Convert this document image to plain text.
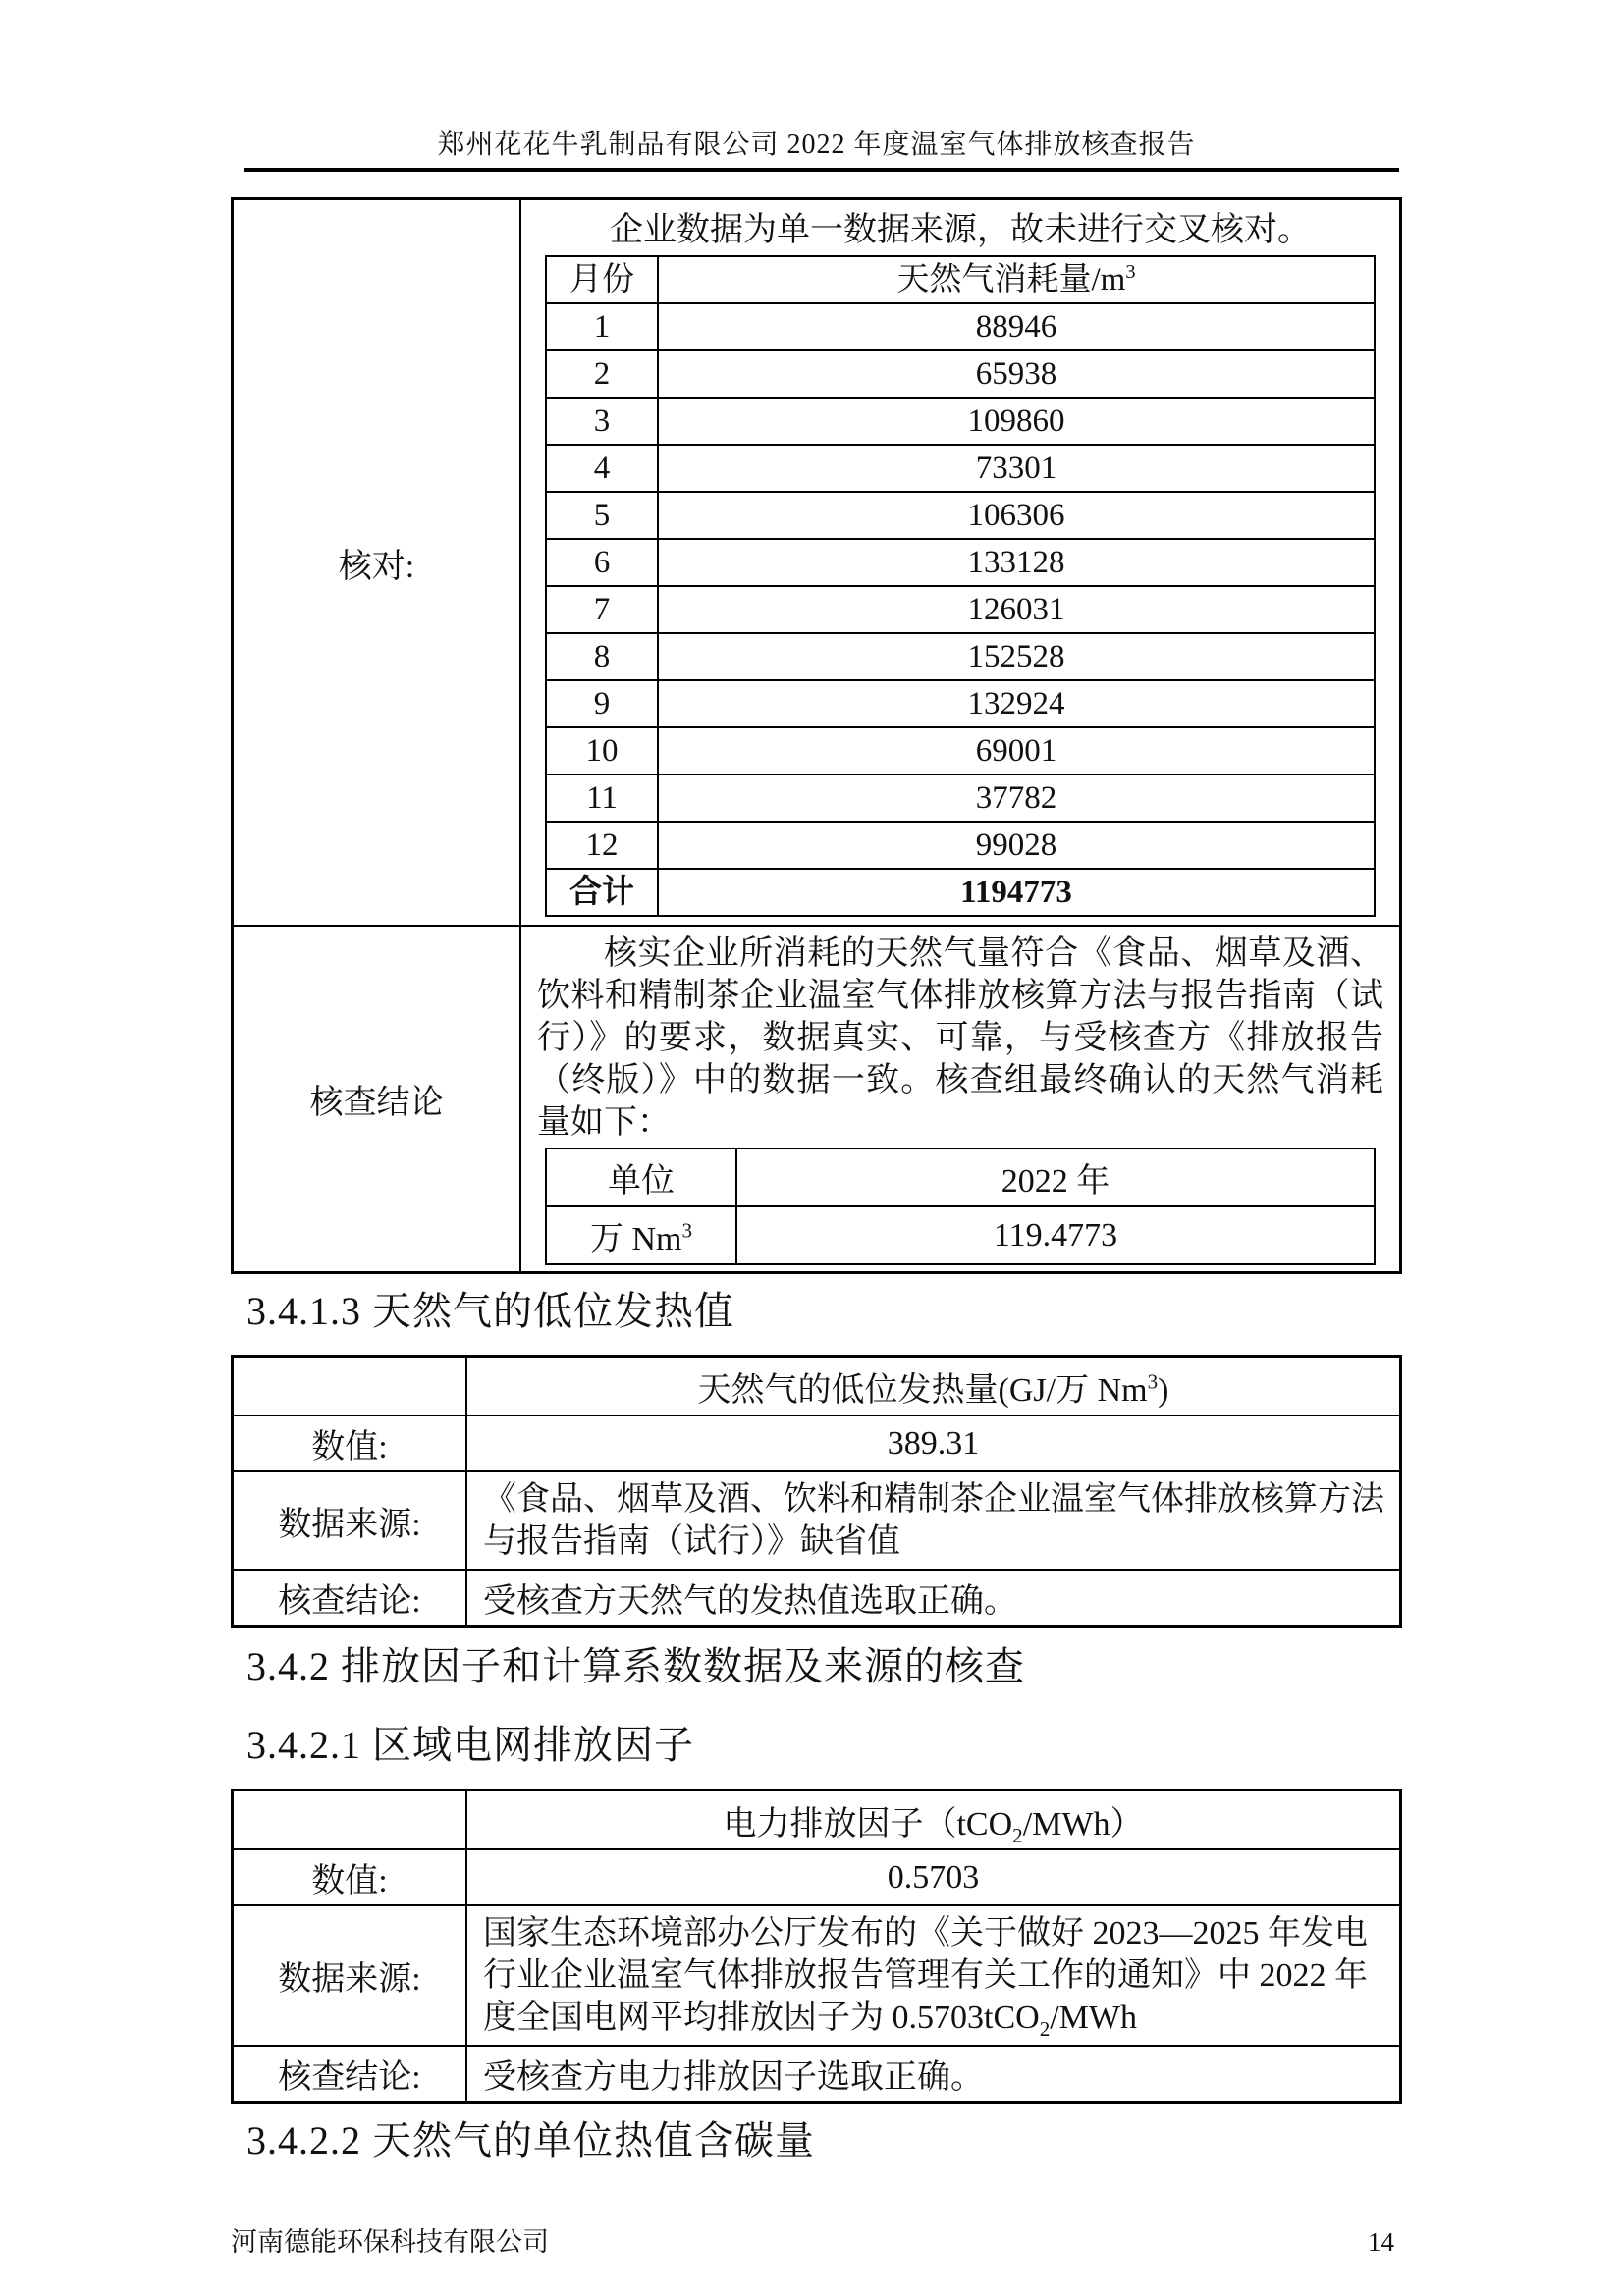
郑州花花牛乳制品有限公司 2022 年度温室气体排放核查报告
核对:	
企业数据为单一数据来源，故未进行交叉核对。
月份	天然气消耗量$/m^3$
1	88946
2	65938
3	109860
4	73301
5	106306
6	133128
7	126031
8	152528
9	132924
10	69001
11	37782
12	99028
合计	1194773

核查结论	

核实企业所消耗的天然气量符合《食品、烟草及酒、饮料和精制茶企业温室气体排放核算方法与报告指南（试行）》的要求，数据真实、可靠，与受核查方《排放报告（终版）》中的数据一致。核查组最终确认的天然气消耗量如下：

单位	2022 年
万 Nm$^3$	119.4773
3.4.1.3 天然气的低位发热值
	天然气的低位发热量(GJ/万 Nm$^3$)
数值:	389.31
数据来源:	《食品、烟草及酒、饮料和精制茶企业温室气体排放核算方法与报告指南（试行）》缺省值
核查结论:	受核查方天然气的发热值选取正确。
3.4.2 排放因子和计算系数数据及来源的核查
3.4.2.1 区域电网排放因子
	电力排放因子（tCO$_2$/MWh）
数值:	0.5703
数据来源:	国家生态环境部办公厅发布的《关于做好 2023—2025 年发电行业企业温室气体排放报告管理有关工作的通知》中 2022 年度全国电网平均排放因子为 0.5703tCO$_2$/MWh
核查结论:	受核查方电力排放因子选取正确。
3.4.2.2 天然气的单位热值含碳量
河南德能环保科技有限公司	14
